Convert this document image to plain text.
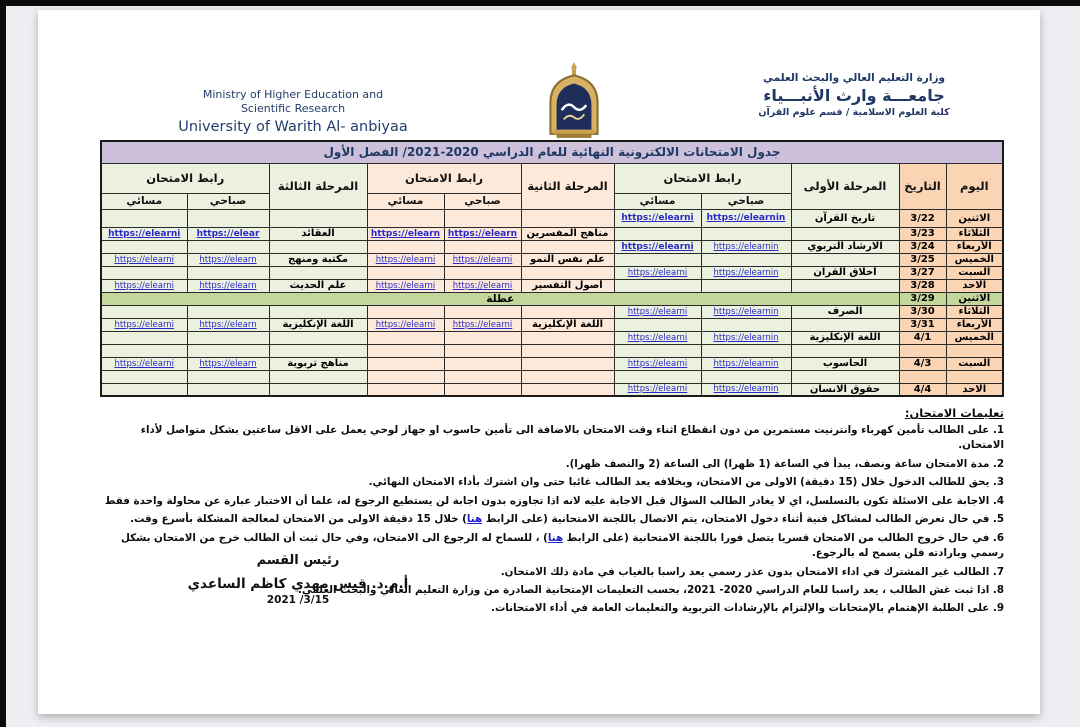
Ministry of Higher Education and
Scientific Research
University of Warith Al- anbiyaa
وزارة التعليم العالي والبحث العلمي
جامعـــة وارث الأنبـــياء
كلية العلوم الاسلامية / قسم علوم القرآن
جدول الامتحانات الالكترونية النهائية للعام الدراسي 2020-2021/ الفصل الأول										
اليوم	التاريخ	المرحلة الأولى	رابط الامتحان		المرحلة الثانية	رابط الامتحان		المرحلة الثالثة	رابط الامتحان	
			صباحي	مسائي		صباحي	مسائي		صباحي	مسائي
الاثنين	3/22	تاريخ القرآن	https://elearnin	https://elearni						
الثلاثاء	3/23				مناهج المفسرين	https://elearn	https://elearn	العقائد	https://elear	https://elearni
الأربعاء	3/24	الارشاد التربوي	https://elearnin	https://elearni						
الخميس	3/25				علم نفس النمو	https://elearni	https://elearni	مكتبة ومنهج	https://elearn	https://elearni
السبت	3/27	اخلاق القرآن	https://elearnin	https://elearni						
الاحد	3/28				أصول التفسير	https://elearni	https://elearni	علم الحديث	https://elearn	https://elearni
الاثنين	3/29	عطلة								
الثلاثاء	3/30	الصرف	https://elearnin	https://elearni						
الأربعاء	3/31				اللغة الإنكليزية	https://elearni	https://elearni	اللغة الإنكليزية	https://elearn	https://elearni
الخميس	4/1	اللغة الإنكليزية	https://elearnin	https://elearni						

السبت	4/3	الحاسوب	https://elearnin	https://elearni				مناهج تربوية	https://elearn	https://elearni

الاحد	4/4	حقوق الانسان	https://elearnin	https://elearni						
تعليمات الامتحان:

1. على الطالب تأمين كهرباء وانترنيت مستمرين من دون انقطاع اثناء وقت الامتحان بالاضافة الى تأمين حاسوب او جهاز لوحي يعمل على الاقل ساعتين بشكل متواصل لأداء الامتحان.

2. مدة الامتحان ساعة ونصف، يبدأ في الساعة (1 ظهرا) الى الساعة (2 والنصف ظهرا).

3. يحق للطالب الدخول خلال (15 دقيقة) الاولى من الامتحان، وبخلافه يعد الطالب غائبا حتى وان اشترك بأداء الامتحان النهائي.

4. الاجابة على الاسئلة تكون بالتسلسل، اي لا يغادر الطالب السؤال قبل الاجابة عليه لانه اذا تجاوزه بدون اجابة لن يستطيع الرجوع له، علما أن الاختبار عبارة عن محاولة واحدة فقط

5. في حال تعرض الطالب لمشاكل فنية أثناء دخول الامتحان، يتم الاتصال باللجنة الامتحانية (على الرابط هنا) خلال 15 دقيقة الاولى من الامتحان لمعالجة المشكلة بأسرع وقت.

6. في حال خروج الطالب من الامتحان قسريا يتصل فورا باللجنة الامتحانية (على الرابط هنا) ، للسماح له الرجوع الى الامتحان، وفي حال ثبت أن الطالب خرج من الامتحان بشكل رسمي وبارادته فلن يسمح له بالرجوع.

7. الطالب غير المشترك في اداء الامتحان بدون عذر رسمي يعد راسبا بالغياب في مادة ذلك الامتحان.

8. اذا ثبت غش الطالب ، يعد راسبا للعام الدراسي 2020- 2021، بحسب التعليمات الإمتحانية الصادرة من وزارة التعليم العالي والبحث العلمي.

9. على الطلبة الإهتمام بالإمتحانات والإلتزام بالإرشادات التربوية والتعليمات العامة في أداء الامتحانات.

رئيس القسم
أ.م.د. قيس مهدي كاظم الساعدي
2021 /3/15
